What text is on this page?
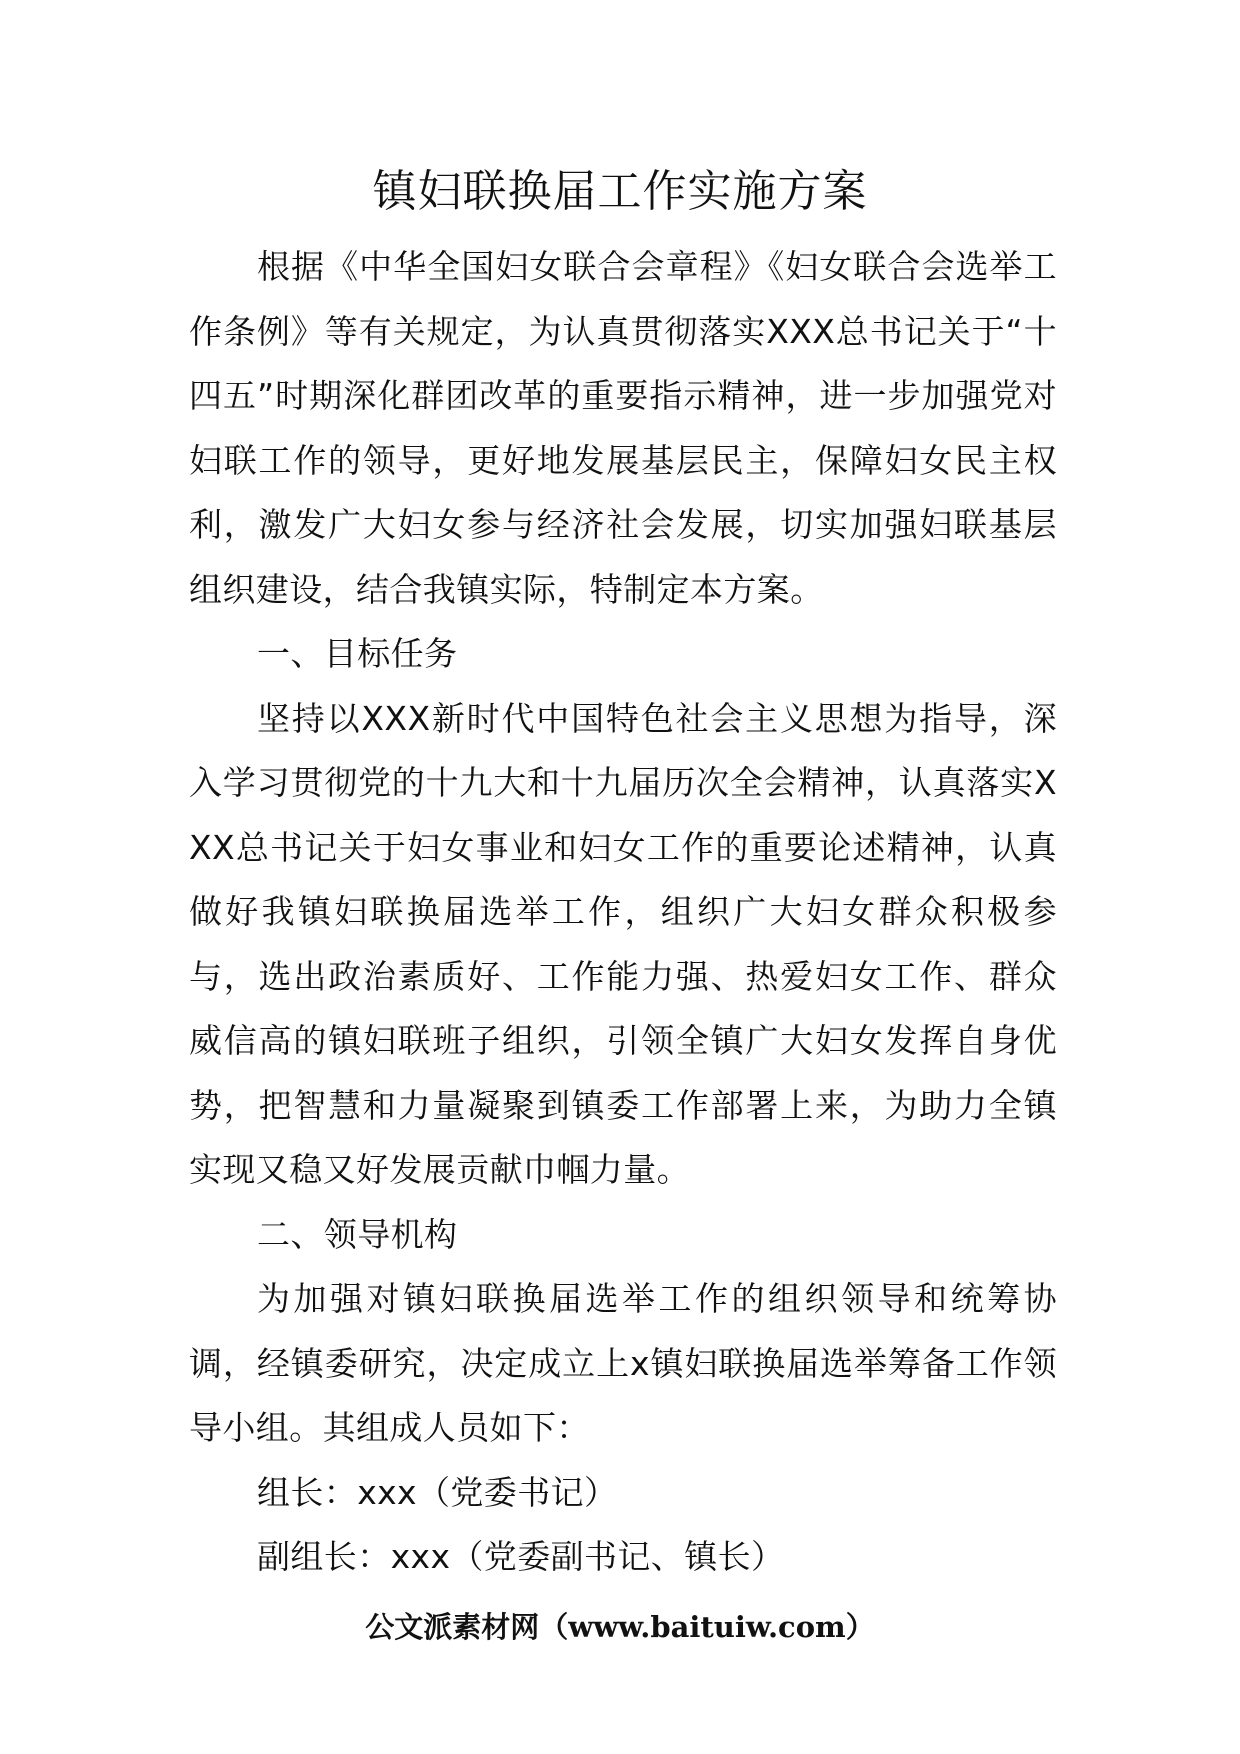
镇妇联换届工作实施方案

根据《中华全国妇女联合会章程》《妇女联合会选举工作条例》等有关规定，为认真贯彻落实XXX总书记关于“十四五”时期深化群团改革的重要指示精神，进一步加强党对妇联工作的领导，更好地发展基层民主，保障妇女民主权利，激发广大妇女参与经济社会发展，切实加强妇联基层组织建设，结合我镇实际，特制定本方案。

一、目标任务

坚持以XXX新时代中国特色社会主义思想为指导，深入学习贯彻党的十九大和十九届历次全会精神，认真落实XXX总书记关于妇女事业和妇女工作的重要论述精神，认真做好我镇妇联换届选举工作，组织广大妇女群众积极参与，选出政治素质好、工作能力强、热爱妇女工作、群众威信高的镇妇联班子组织，引领全镇广大妇女发挥自身优势，把智慧和力量凝聚到镇委工作部署上来，为助力全镇实现又稳又好发展贡献巾帼力量。

二、领导机构

为加强对镇妇联换届选举工作的组织领导和统筹协调，经镇委研究，决定成立上x镇妇联换届选举筹备工作领导小组。其组成人员如下：

组长：xxx（党委书记）

副组长：xxx（党委副书记、镇长）

公文派素材网（www.baituiw.com）
